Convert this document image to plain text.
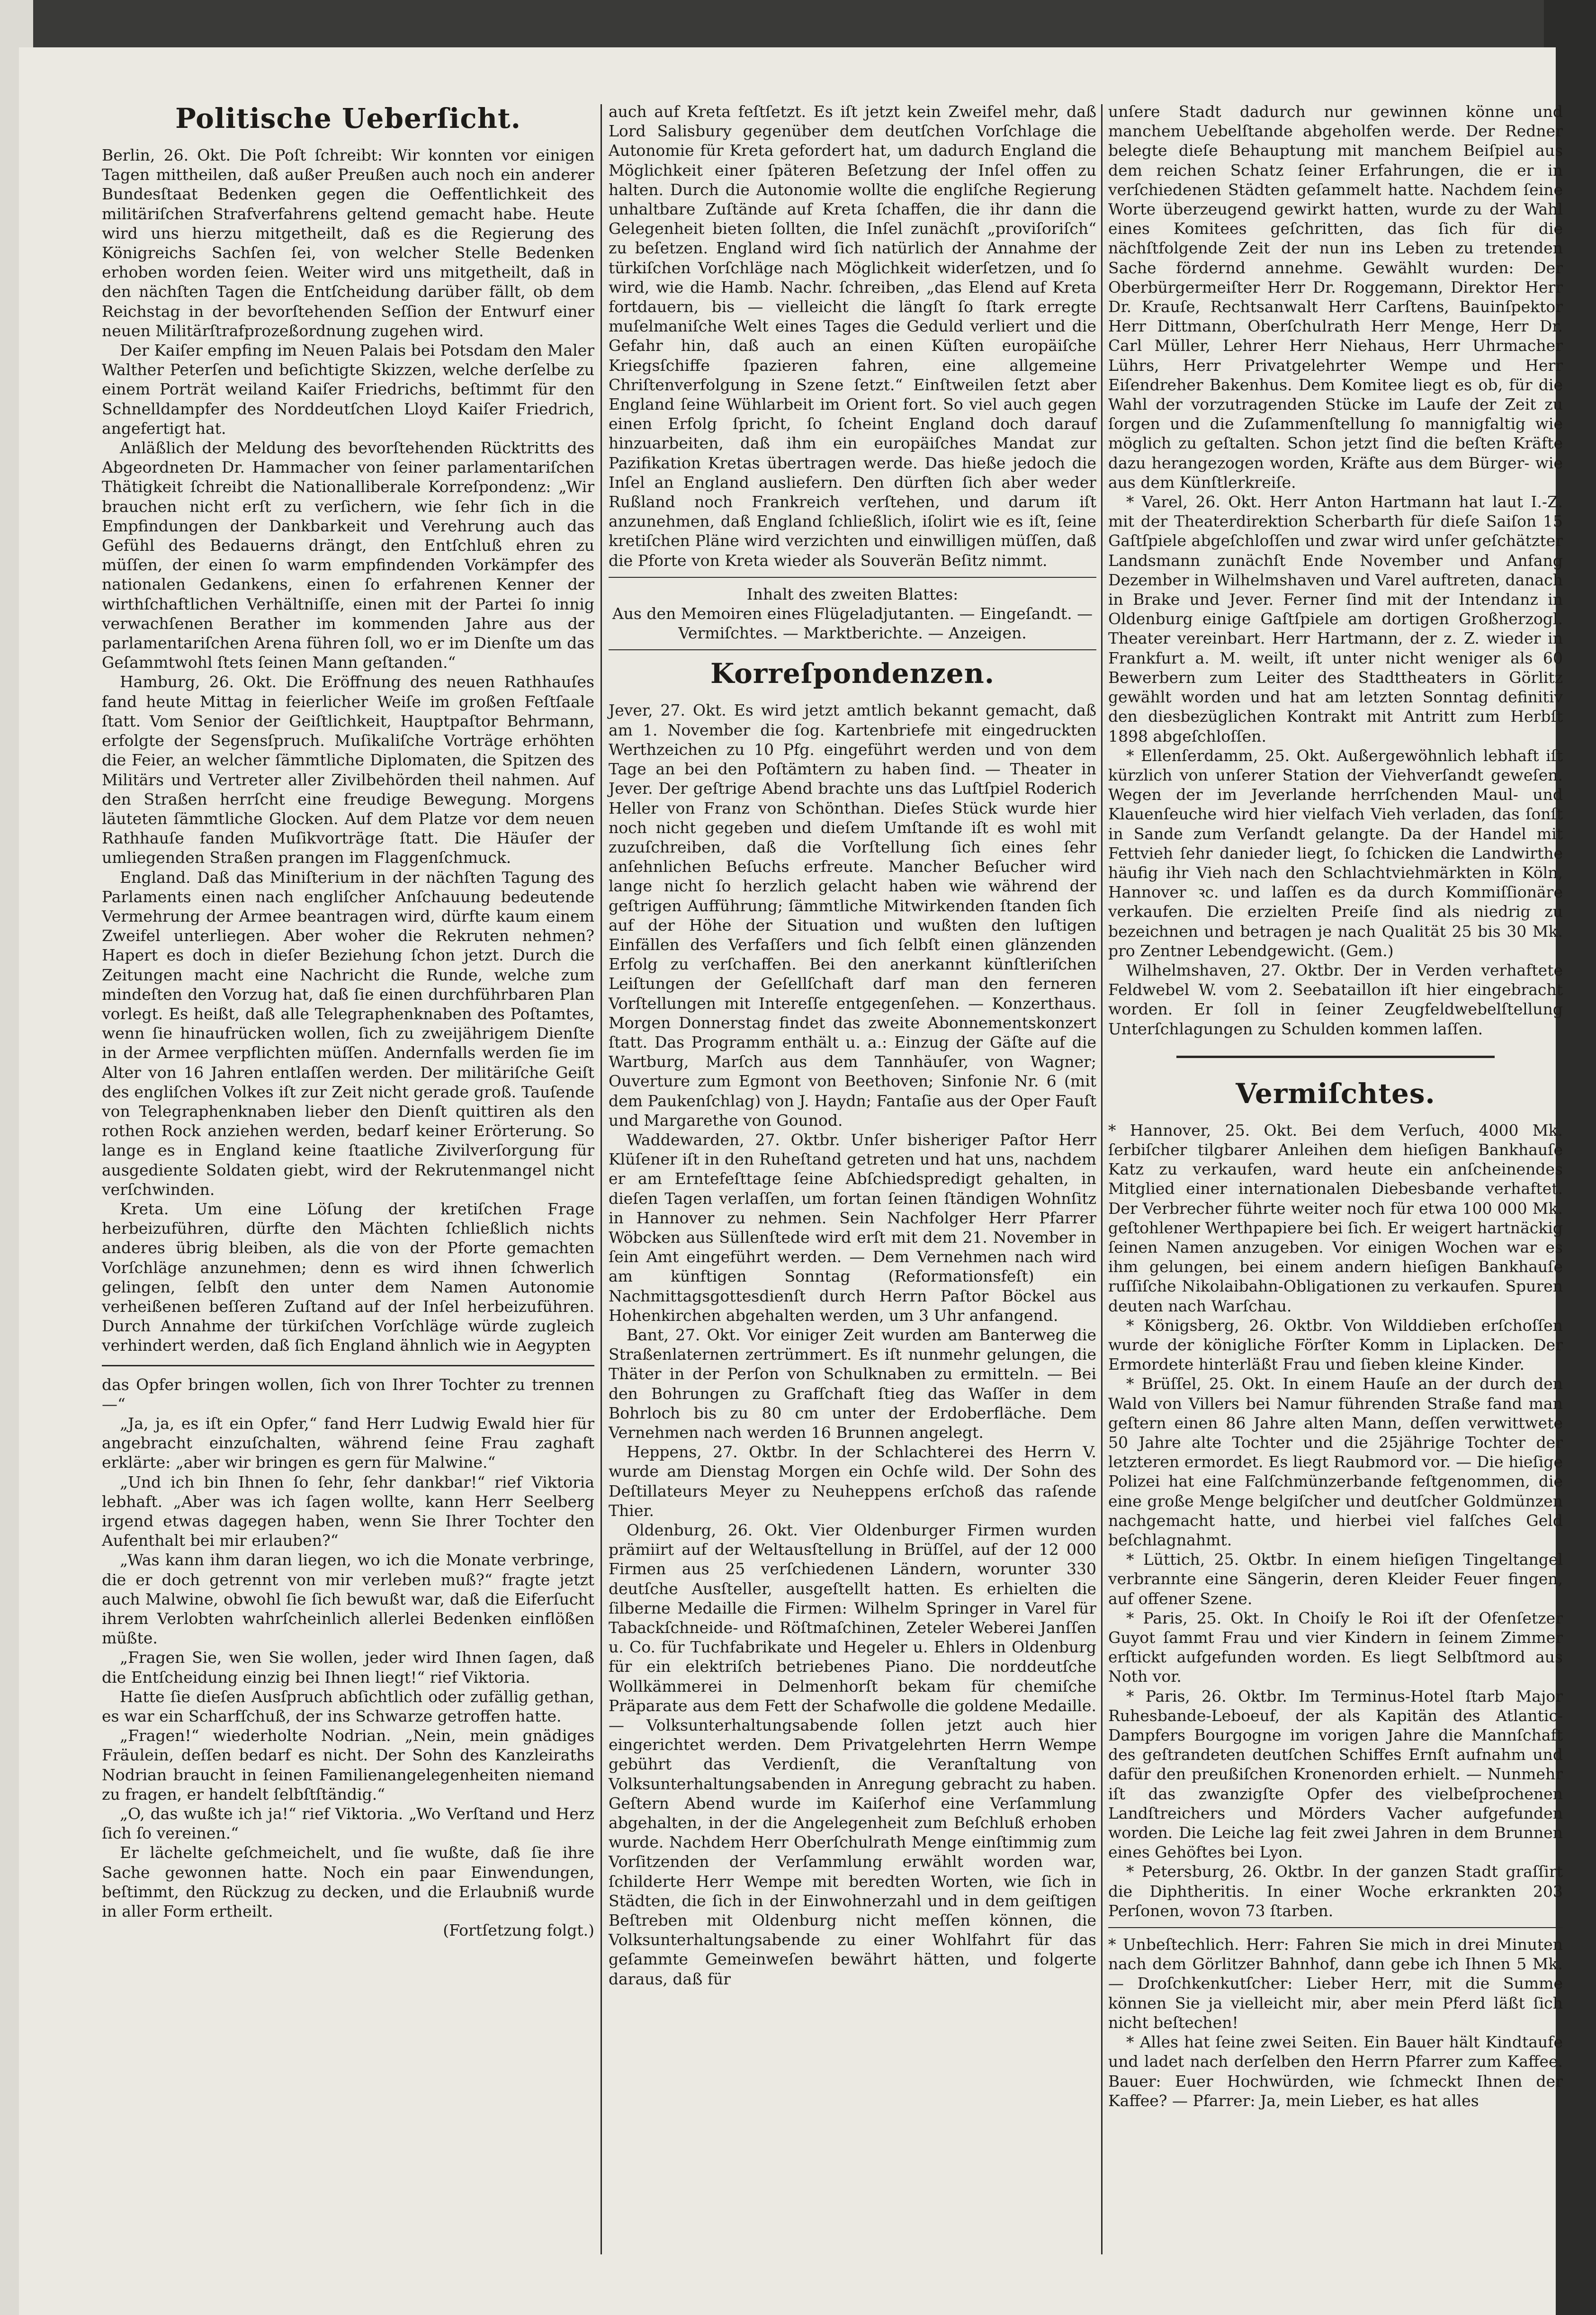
Politische Ueberſicht.

Berlin, 26. Okt. Die Poſt ſchreibt: Wir konnten vor einigen Tagen mittheilen, daß außer Preußen auch noch ein anderer Bundesſtaat Bedenken gegen die Oeffentlichkeit des militäriſchen Strafverfahrens geltend gemacht habe. Heute wird uns hierzu mitgetheilt, daß es die Regierung des Königreichs Sachſen ſei, von welcher Stelle Bedenken erhoben worden ſeien. Weiter wird uns mitgetheilt, daß in den nächſten Tagen die Entſcheidung darüber fällt, ob dem Reichstag in der bevorſtehenden Seſſion der Entwurf einer neuen Militärſtrafprozeßordnung zugehen wird.

Der Kaiſer empfing im Neuen Palais bei Potsdam den Maler Walther Peterſen und beſichtigte Skizzen, welche derſelbe zu einem Porträt weiland Kaiſer Friedrichs, beſtimmt für den Schnelldampfer des Norddeutſchen Lloyd Kaiſer Friedrich, angefertigt hat.

Anläßlich der Meldung des bevorſtehenden Rücktritts des Abgeordneten Dr. Hammacher von ſeiner parlamentariſchen Thätigkeit ſchreibt die Nationalliberale Korreſpondenz: „Wir brauchen nicht erſt zu verſichern, wie ſehr ſich in die Empfindungen der Dankbarkeit und Verehrung auch das Gefühl des Bedauerns drängt, den Entſchluß ehren zu müſſen, der einen ſo warm empfindenden Vorkämpfer des nationalen Gedankens, einen ſo erfahrenen Kenner der wirthſchaftlichen Verhältniſſe, einen mit der Partei ſo innig verwachſenen Berather im kommenden Jahre aus der parlamentariſchen Arena führen ſoll, wo er im Dienſte um das Geſammtwohl ſtets ſeinen Mann geſtanden.“

Hamburg, 26. Okt. Die Eröffnung des neuen Rathhauſes fand heute Mittag in feierlicher Weiſe im großen Feſtſaale ſtatt. Vom Senior der Geiſtlichkeit, Hauptpaſtor Behrmann, erfolgte der Segensſpruch. Muſikaliſche Vorträge erhöhten die Feier, an welcher ſämmtliche Diplomaten, die Spitzen des Militärs und Vertreter aller Zivilbehörden theil nahmen. Auf den Straßen herrſcht eine freudige Bewegung. Morgens läuteten ſämmtliche Glocken. Auf dem Platze vor dem neuen Rathhauſe fanden Muſikvorträge ſtatt. Die Häuſer der umliegenden Straßen prangen im Flaggenſchmuck.

England. Daß das Miniſterium in der nächſten Tagung des Parlaments einen nach engliſcher Anſchauung bedeutende Vermehrung der Armee beantragen wird, dürfte kaum einem Zweifel unterliegen. Aber woher die Rekruten nehmen? Hapert es doch in dieſer Beziehung ſchon jetzt. Durch die Zeitungen macht eine Nachricht die Runde, welche zum mindeſten den Vorzug hat, daß ſie einen durchführbaren Plan vorlegt. Es heißt, daß alle Telegraphenknaben des Poſtamtes, wenn ſie hinaufrücken wollen, ſich zu zweijährigem Dienſte in der Armee verpflichten müſſen. Andernfalls werden ſie im Alter von 16 Jahren entlaſſen werden. Der militäriſche Geiſt des engliſchen Volkes iſt zur Zeit nicht gerade groß. Tauſende von Telegraphenknaben lieber den Dienſt quittiren als den rothen Rock anziehen werden, bedarf keiner Erörterung. So lange es in England keine ſtaatliche Zivilverſorgung für ausgediente Soldaten giebt, wird der Rekrutenmangel nicht verſchwinden.

Kreta. Um eine Löſung der kretiſchen Frage herbeizuführen, dürfte den Mächten ſchließlich nichts anderes übrig bleiben, als die von der Pforte gemachten Vorſchläge anzunehmen; denn es wird ihnen ſchwerlich gelingen, ſelbſt den unter dem Namen Autonomie verheißenen beſſeren Zuſtand auf der Inſel herbeizuführen. Durch Annahme der türkiſchen Vorſchläge würde zugleich verhindert werden, daß ſich England ähnlich wie in Aegypten

das Opfer bringen wollen, ſich von Ihrer Tochter zu trennen —“

„Ja, ja, es iſt ein Opfer,“ fand Herr Ludwig Ewald hier für angebracht einzuſchalten, während ſeine Frau zaghaft erklärte: „aber wir bringen es gern für Malwine.“

„Und ich bin Ihnen ſo ſehr, ſehr dankbar!“ rief Viktoria lebhaft. „Aber was ich ſagen wollte, kann Herr Seelberg irgend etwas dagegen haben, wenn Sie Ihrer Tochter den Aufenthalt bei mir erlauben?“

„Was kann ihm daran liegen, wo ich die Monate verbringe, die er doch getrennt von mir verleben muß?“ fragte jetzt auch Malwine, obwohl ſie ſich bewußt war, daß die Eiferſucht ihrem Verlobten wahrſcheinlich allerlei Bedenken einflößen müßte.

„Fragen Sie, wen Sie wollen, jeder wird Ihnen ſagen, daß die Entſcheidung einzig bei Ihnen liegt!“ rief Viktoria.

Hatte ſie dieſen Ausſpruch abſichtlich oder zufällig gethan, es war ein Scharfſchuß, der ins Schwarze getroffen hatte.

„Fragen!“ wiederholte Nodrian. „Nein, mein gnädiges Fräulein, deſſen bedarf es nicht. Der Sohn des Kanzleiraths Nodrian braucht in ſeinen Familienangelegenheiten niemand zu fragen, er handelt ſelbſtſtändig.“

„O, das wußte ich ja!“ rief Viktoria. „Wo Verſtand und Herz ſich ſo vereinen.“

Er lächelte geſchmeichelt, und ſie wußte, daß ſie ihre Sache gewonnen hatte. Noch ein paar Einwendungen, beſtimmt, den Rückzug zu decken, und die Erlaubniß wurde in aller Form ertheilt.

(Fortſetzung folgt.)

auch auf Kreta feſtſetzt. Es iſt jetzt kein Zweifel mehr, daß Lord Salisbury gegenüber dem deutſchen Vorſchlage die Autonomie für Kreta gefordert hat, um dadurch England die Möglichkeit einer ſpäteren Beſetzung der Inſel offen zu halten. Durch die Autonomie wollte die engliſche Regierung unhaltbare Zuſtände auf Kreta ſchaffen, die ihr dann die Gelegenheit bieten ſollten, die Inſel zunächſt „proviſoriſch“ zu beſetzen. England wird ſich natürlich der Annahme der türkiſchen Vorſchläge nach Möglichkeit widerſetzen, und ſo wird, wie die Hamb. Nachr. ſchreiben, „das Elend auf Kreta fortdauern, bis — vielleicht die längſt ſo ſtark erregte muſelmaniſche Welt eines Tages die Geduld verliert und die Gefahr hin, daß auch an einen Küſten europäiſche Kriegsſchiffe ſpazieren fahren, eine allgemeine Chriſtenverfolgung in Szene ſetzt.“ Einſtweilen ſetzt aber England ſeine Wühlarbeit im Orient fort. So viel auch gegen einen Erfolg ſpricht, ſo ſcheint England doch darauf hinzuarbeiten, daß ihm ein europäiſches Mandat zur Pazifikation Kretas übertragen werde. Das hieße jedoch die Inſel an England ausliefern. Den dürften ſich aber weder Rußland noch Frankreich verſtehen, und darum iſt anzunehmen, daß England ſchließlich, iſolirt wie es iſt, ſeine kretiſchen Pläne wird verzichten und einwilligen müſſen, daß die Pforte von Kreta wieder als Souverän Beſitz nimmt.

Inhalt des zweiten Blattes:

Aus den Memoiren eines Flügeladjutanten. — Eingeſandt. — Vermiſchtes. — Marktberichte. — Anzeigen.

Korreſpondenzen.

Jever, 27. Okt. Es wird jetzt amtlich bekannt gemacht, daß am 1. November die ſog. Kartenbriefe mit eingedruckten Werthzeichen zu 10 Pfg. eingeführt werden und von dem Tage an bei den Poſtämtern zu haben ſind. — Theater in Jever. Der geſtrige Abend brachte uns das Luſtſpiel Roderich Heller von Franz von Schönthan. Dieſes Stück wurde hier noch nicht gegeben und dieſem Umſtande iſt es wohl mit zuzuſchreiben, daß die Vorſtellung ſich eines ſehr anſehnlichen Beſuchs erfreute. Mancher Beſucher wird lange nicht ſo herzlich gelacht haben wie während der geſtrigen Aufführung; ſämmtliche Mitwirkenden ſtanden ſich auf der Höhe der Situation und wußten den luſtigen Einfällen des Verfaſſers und ſich ſelbſt einen glänzenden Erfolg zu verſchaffen. Bei den anerkannt künſtleriſchen Leiſtungen der Geſellſchaft darf man den ferneren Vorſtellungen mit Intereſſe entgegenſehen. — Konzerthaus. Morgen Donnerstag findet das zweite Abonnementskonzert ſtatt. Das Programm enthält u. a.: Einzug der Gäſte auf die Wartburg, Marſch aus dem Tannhäuſer, von Wagner; Ouverture zum Egmont von Beethoven; Sinfonie Nr. 6 (mit dem Paukenſchlag) von J. Haydn; Fantaſie aus der Oper Fauſt und Margarethe von Gounod.

Waddewarden, 27. Oktbr. Unſer bisheriger Paſtor Herr Klüſener iſt in den Ruheſtand getreten und hat uns, nachdem er am Erntefeſttage ſeine Abſchiedspredigt gehalten, in dieſen Tagen verlaſſen, um fortan ſeinen ſtändigen Wohnſitz in Hannover zu nehmen. Sein Nachfolger Herr Pfarrer Wöbcken aus Süllenſtede wird erſt mit dem 21. November in ſein Amt eingeführt werden. — Dem Vernehmen nach wird am künftigen Sonntag (Reformationsfeſt) ein Nachmittagsgottesdienſt durch Herrn Paſtor Böckel aus Hohenkirchen abgehalten werden, um 3 Uhr anfangend.

Bant, 27. Okt. Vor einiger Zeit wurden am Banterweg die Straßenlaternen zertrümmert. Es iſt nunmehr gelungen, die Thäter in der Perſon von Schulknaben zu ermitteln. — Bei den Bohrungen zu Grafſchaft ſtieg das Waſſer in dem Bohrloch bis zu 80 cm unter der Erdoberfläche. Dem Vernehmen nach werden 16 Brunnen angelegt.

Heppens, 27. Oktbr. In der Schlachterei des Herrn V. wurde am Dienstag Morgen ein Ochſe wild. Der Sohn des Deſtillateurs Meyer zu Neuheppens erſchoß das raſende Thier.

Oldenburg, 26. Okt. Vier Oldenburger Firmen wurden prämiirt auf der Weltausſtellung in Brüſſel, auf der 12 000 Firmen aus 25 verſchiedenen Ländern, worunter 330 deutſche Ausſteller, ausgeſtellt hatten. Es erhielten die ſilberne Medaille die Firmen: Wilhelm Springer in Varel für Tabackſchneide- und Röſtmaſchinen, Zeteler Weberei Janſſen u. Co. für Tuchfabrikate und Hegeler u. Ehlers in Oldenburg für ein elektriſch betriebenes Piano. Die norddeutſche Wollkämmerei in Delmenhorſt bekam für chemiſche Präparate aus dem Fett der Schafwolle die goldene Medaille. — Volksunterhaltungsabende ſollen jetzt auch hier eingerichtet werden. Dem Privatgelehrten Herrn Wempe gebührt das Verdienſt, die Veranſtaltung von Volksunterhaltungsabenden in Anregung gebracht zu haben. Geſtern Abend wurde im Kaiſerhof eine Verſammlung abgehalten, in der die Angelegenheit zum Beſchluß erhoben wurde. Nachdem Herr Oberſchulrath Menge einſtimmig zum Vorſitzenden der Verſammlung erwählt worden war, ſchilderte Herr Wempe mit beredten Worten, wie ſich in Städten, die ſich in der Einwohnerzahl und in dem geiſtigen Beſtreben mit Oldenburg nicht meſſen können, die Volksunterhaltungsabende zu einer Wohlfahrt für das geſammte Gemeinweſen bewährt hätten, und folgerte daraus, daß für

unſere Stadt dadurch nur gewinnen könne und manchem Uebelſtande abgeholfen werde. Der Redner belegte dieſe Behauptung mit manchem Beiſpiel aus dem reichen Schatz ſeiner Erfahrungen, die er in verſchiedenen Städten geſammelt hatte. Nachdem ſeine Worte überzeugend gewirkt hatten, wurde zu der Wahl eines Komitees geſchritten, das ſich für die nächſtfolgende Zeit der nun ins Leben zu tretenden Sache fördernd annehme. Gewählt wurden: Der Oberbürgermeiſter Herr Dr. Roggemann, Direktor Herr Dr. Krauſe, Rechtsanwalt Herr Carſtens, Bauinſpektor Herr Dittmann, Oberſchulrath Herr Menge, Herr Dr. Carl Müller, Lehrer Herr Niehaus, Herr Uhrmacher Lührs, Herr Privatgelehrter Wempe und Herr Eiſendreher Bakenhus. Dem Komitee liegt es ob, für die Wahl der vorzutragenden Stücke im Laufe der Zeit zu ſorgen und die Zuſammenſtellung ſo mannigfaltig wie möglich zu geſtalten. Schon jetzt ſind die beſten Kräfte dazu herangezogen worden, Kräfte aus dem Bürger- wie aus dem Künſtlerkreiſe.

* Varel, 26. Okt. Herr Anton Hartmann hat laut I.-Z. mit der Theaterdirektion Scherbarth für dieſe Saiſon 15 Gaſtſpiele abgeſchloſſen und zwar wird unſer geſchätzter Landsmann zunächſt Ende November und Anfang Dezember in Wilhelmshaven und Varel auftreten, danach in Brake und Jever. Ferner ſind mit der Intendanz in Oldenburg einige Gaſtſpiele am dortigen Großherzogl. Theater vereinbart. Herr Hartmann, der z. Z. wieder in Frankfurt a. M. weilt, iſt unter nicht weniger als 60 Bewerbern zum Leiter des Stadttheaters in Görlitz gewählt worden und hat am letzten Sonntag definitiv den diesbezüglichen Kontrakt mit Antritt zum Herbſt 1898 abgeſchloſſen.

* Ellenſerdamm, 25. Okt. Außergewöhnlich lebhaft iſt kürzlich von unſerer Station der Viehverſandt geweſen. Wegen der im Jeverlande herrſchenden Maul- und Klauenſeuche wird hier vielfach Vieh verladen, das ſonſt in Sande zum Verſandt gelangte. Da der Handel mit Fettvieh ſehr danieder liegt, ſo ſchicken die Landwirthe häufig ihr Vieh nach den Schlachtviehmärkten in Köln, Hannover ꝛc. und laſſen es da durch Kommiſſionäre verkaufen. Die erzielten Preiſe ſind als niedrig zu bezeichnen und betragen je nach Qualität 25 bis 30 Mk. pro Zentner Lebendgewicht. (Gem.)

Wilhelmshaven, 27. Oktbr. Der in Verden verhaftete Feldwebel W. vom 2. Seebataillon iſt hier eingebracht worden. Er ſoll in ſeiner Zeugfeldwebelſtellung Unterſchlagungen zu Schulden kommen laſſen.

Vermiſchtes.

* Hannover, 25. Okt. Bei dem Verſuch, 4000 Mk. ſerbiſcher tilgbarer Anleihen dem hieſigen Bankhauſe Katz zu verkaufen, ward heute ein anſcheinendes Mitglied einer internationalen Diebesbande verhaftet. Der Verbrecher führte weiter noch für etwa 100 000 Mk. geſtohlener Werthpapiere bei ſich. Er weigert hartnäckig ſeinen Namen anzugeben. Vor einigen Wochen war es ihm gelungen, bei einem andern hieſigen Bankhauſe ruſſiſche Nikolaibahn-Obligationen zu verkaufen. Spuren deuten nach Warſchau.

* Königsberg, 26. Oktbr. Von Wilddieben erſchoſſen wurde der königliche Förſter Komm in Liplacken. Der Ermordete hinterläßt Frau und ſieben kleine Kinder.

* Brüſſel, 25. Okt. In einem Hauſe an der durch den Wald von Villers bei Namur führenden Straße fand man geſtern einen 86 Jahre alten Mann, deſſen verwittwete 50 Jahre alte Tochter und die 25jährige Tochter der letzteren ermordet. Es liegt Raubmord vor. — Die hieſige Polizei hat eine Falſchmünzerbande feſtgenommen, die eine große Menge belgiſcher und deutſcher Goldmünzen nachgemacht hatte, und hierbei viel falſches Geld beſchlagnahmt.

* Lüttich, 25. Oktbr. In einem hieſigen Tingeltangel verbrannte eine Sängerin, deren Kleider Feuer fingen, auf offener Szene.

* Paris, 25. Okt. In Choiſy le Roi iſt der Ofenſetzer Guyot ſammt Frau und vier Kindern in ſeinem Zimmer erſtickt aufgefunden worden. Es liegt Selbſtmord aus Noth vor.

* Paris, 26. Oktbr. Im Terminus-Hotel ſtarb Major Ruhesbande-Leboeuf, der als Kapitän des Atlantic-Dampfers Bourgogne im vorigen Jahre die Mannſchaft des geſtrandeten deutſchen Schiffes Ernſt aufnahm und dafür den preußiſchen Kronenorden erhielt. — Nunmehr iſt das zwanzigſte Opfer des vielbeſprochenen Landſtreichers und Mörders Vacher aufgefunden worden. Die Leiche lag feit zwei Jahren in dem Brunnen eines Gehöftes bei Lyon.

* Petersburg, 26. Oktbr. In der ganzen Stadt graſſirt die Diphtheritis. In einer Woche erkrankten 203 Perſonen, wovon 73 ſtarben.

* Unbeſtechlich. Herr: Fahren Sie mich in drei Minuten nach dem Görlitzer Bahnhof, dann gebe ich Ihnen 5 Mk. — Droſchkenkutſcher: Lieber Herr, mit die Summe können Sie ja vielleicht mir, aber mein Pferd läßt ſich nicht beſtechen!

* Alles hat ſeine zwei Seiten. Ein Bauer hält Kindtaufe und ladet nach derſelben den Herrn Pfarrer zum Kaffee. Bauer: Euer Hochwürden, wie ſchmeckt Ihnen der Kaffee? — Pfarrer: Ja, mein Lieber, es hat alles
